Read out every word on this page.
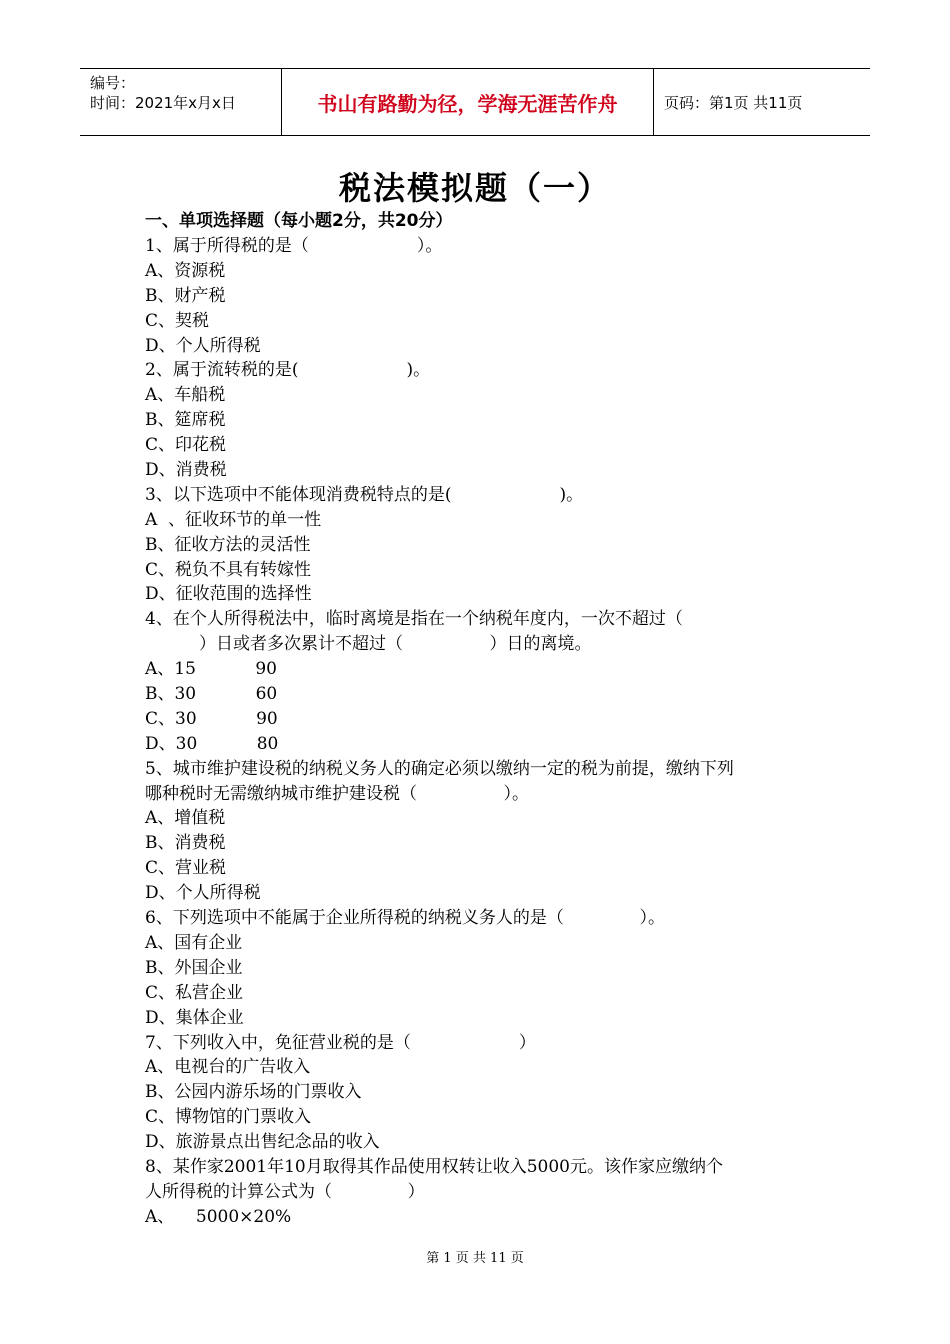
编号：
时间：2021年x月x日	书山有路勤为径，学海无涯苦作舟	页码：第1页 共11页
税法模拟题（一）
一、单项选择题（每小题2分，共20分）
1、属于所得税的是（                    ）。
A、资源税
B、财产税
C、契税
D、个人所得税
2、属于流转税的是(                    )。
A、车船税
B、筵席税
C、印花税
D、消费税
3、以下选项中不能体现消费税特点的是(                    )。
A  、征收环节的单一性
B、征收方法的灵活性
C、税负不具有转嫁性
D、征收范围的选择性
4、在个人所得税法中，临时离境是指在一个纳税年度内，一次不超过（
）日或者多次累计不超过（                ）日的离境。
A、15           90
B、30           60
C、30           90
D、30           80
5、城市维护建设税的纳税义务人的确定必须以缴纳一定的税为前提，缴纳下列
哪种税时无需缴纳城市维护建设税（                ）。
A、增值税
B、消费税
C、营业税
D、个人所得税
6、下列选项中不能属于企业所得税的纳税义务人的是（              ）。
A、国有企业
B、外国企业
C、私营企业
D、集体企业
7、下列收入中，免征营业税的是（                    ）
A、电视台的广告收入
B、公园内游乐场的门票收入
C、博物馆的门票收入
D、旅游景点出售纪念品的收入
8、某作家2001年10月取得其作品使用权转让收入5000元。该作家应缴纳个
人所得税的计算公式为（              ）
A、    5000×20%
第 1 页 共 11 页
